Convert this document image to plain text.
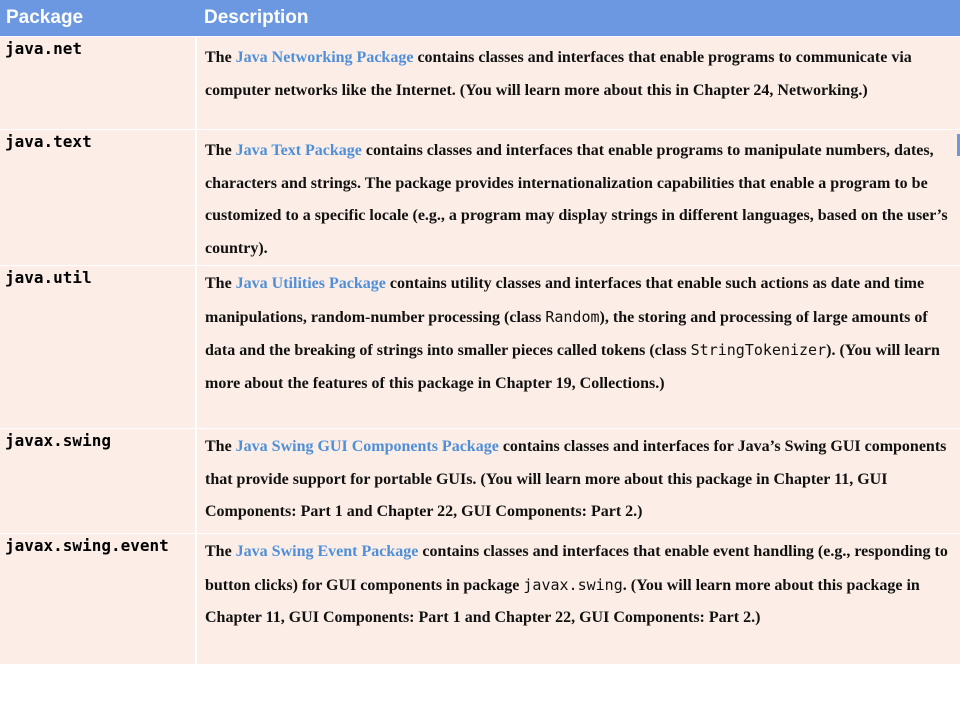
Package	Description

java.net	The Java Networking Package contains classes and interfaces that enable programs to communicate via computer networks like the Internet. (You will learn more about this in Chapter 24, Networking.)

java.text	The Java Text Package contains classes and interfaces that enable programs to manipulate numbers, dates, characters and strings. The package provides internationalization capabilities that enable a program to be customized to a specific locale (e.g., a program may display strings in different languages, based on the user’s country).

java.util	The Java Utilities Package contains utility classes and interfaces that enable such actions as date and time manipulations, random-number processing (class Random), the storing and processing of large amounts of data and the breaking of strings into smaller pieces called tokens (class StringTokenizer). (You will learn more about the features of this package in Chapter 19, Collections.)

javax.swing	The Java Swing GUI Components Package contains classes and interfaces for Java’s Swing GUI components that provide support for portable GUIs. (You will learn more about this package in Chapter 11, GUI Components: Part 1 and Chapter 22, GUI Components: Part 2.)

javax.swing.event	The Java Swing Event Package contains classes and interfaces that enable event handling (e.g., responding to button clicks) for GUI components in package javax.swing. (You will learn more about this package in Chapter 11, GUI Components: Part 1 and Chapter 22, GUI Components: Part 2.)
